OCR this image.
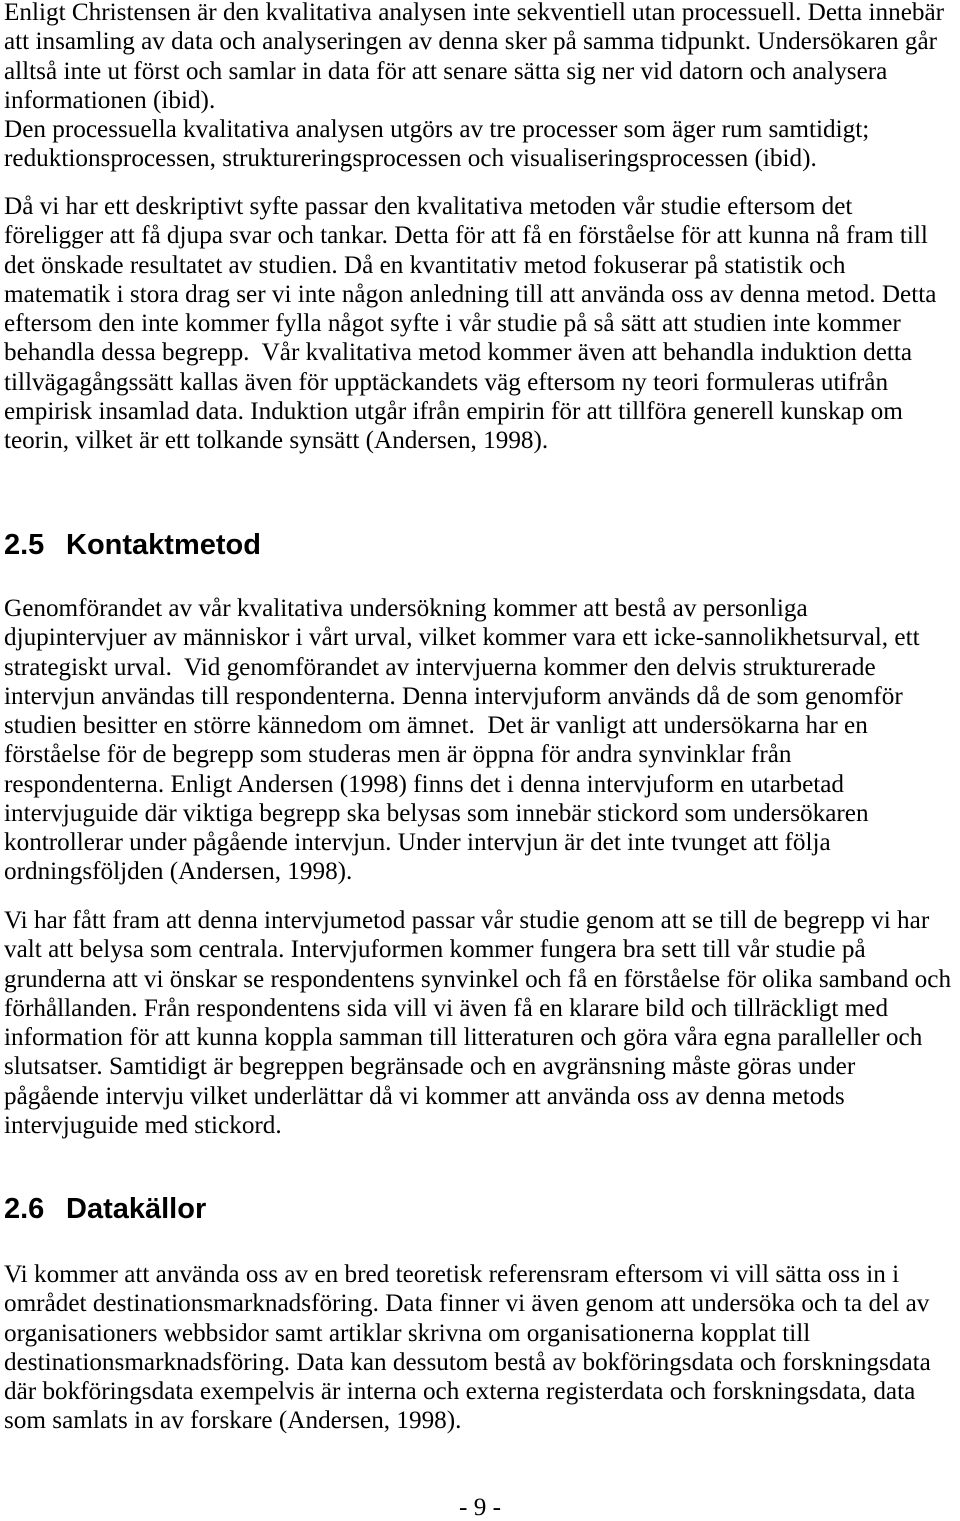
Enligt Christensen är den kvalitativa analysen inte sekventiell utan processuell. Detta innebär
att insamling av data och analyseringen av denna sker på samma tidpunkt. Undersökaren går
alltså inte ut först och samlar in data för att senare sätta sig ner vid datorn och analysera
informationen (ibid).
Den processuella kvalitativa analysen utgörs av tre processer som äger rum samtidigt;
reduktionsprocessen, struktureringsprocessen och visualiseringsprocessen (ibid).
Då vi har ett deskriptivt syfte passar den kvalitativa metoden vår studie eftersom det
föreligger att få djupa svar och tankar. Detta för att få en förståelse för att kunna nå fram till
det önskade resultatet av studien. Då en kvantitativ metod fokuserar på statistik och
matematik i stora drag ser vi inte någon anledning till att använda oss av denna metod. Detta
eftersom den inte kommer fylla något syfte i vår studie på så sätt att studien inte kommer
behandla dessa begrepp.  Vår kvalitativa metod kommer även att behandla induktion detta
tillvägagångssätt kallas även för upptäckandets väg eftersom ny teori formuleras utifrån
empirisk insamlad data. Induktion utgår ifrån empirin för att tillföra generell kunskap om
teorin, vilket är ett tolkande synsätt (Andersen, 1998).
2.5 Kontaktmetod
Genomförandet av vår kvalitativa undersökning kommer att bestå av personliga
djupintervjuer av människor i vårt urval, vilket kommer vara ett icke-sannolikhetsurval, ett
strategiskt urval.  Vid genomförandet av intervjuerna kommer den delvis strukturerade
intervjun användas till respondenterna. Denna intervjuform används då de som genomför
studien besitter en större kännedom om ämnet.  Det är vanligt att undersökarna har en
förståelse för de begrepp som studeras men är öppna för andra synvinklar från
respondenterna. Enligt Andersen (1998) finns det i denna intervjuform en utarbetad
intervjuguide där viktiga begrepp ska belysas som innebär stickord som undersökaren
kontrollerar under pågående intervjun. Under intervjun är det inte tvunget att följa
ordningsföljden (Andersen, 1998).
Vi har fått fram att denna intervjumetod passar vår studie genom att se till de begrepp vi har
valt att belysa som centrala. Intervjuformen kommer fungera bra sett till vår studie på
grunderna att vi önskar se respondentens synvinkel och få en förståelse för olika samband och
förhållanden. Från respondentens sida vill vi även få en klarare bild och tillräckligt med
information för att kunna koppla samman till litteraturen och göra våra egna paralleller och
slutsatser. Samtidigt är begreppen begränsade och en avgränsning måste göras under
pågående intervju vilket underlättar då vi kommer att använda oss av denna metods
intervjuguide med stickord.
2.6 Datakällor
Vi kommer att använda oss av en bred teoretisk referensram eftersom vi vill sätta oss in i
området destinationsmarknadsföring. Data finner vi även genom att undersöka och ta del av
organisationers webbsidor samt artiklar skrivna om organisationerna kopplat till
destinationsmarknadsföring. Data kan dessutom bestå av bokföringsdata och forskningsdata
där bokföringsdata exempelvis är interna och externa registerdata och forskningsdata, data
som samlats in av forskare (Andersen, 1998).
- 9 -
